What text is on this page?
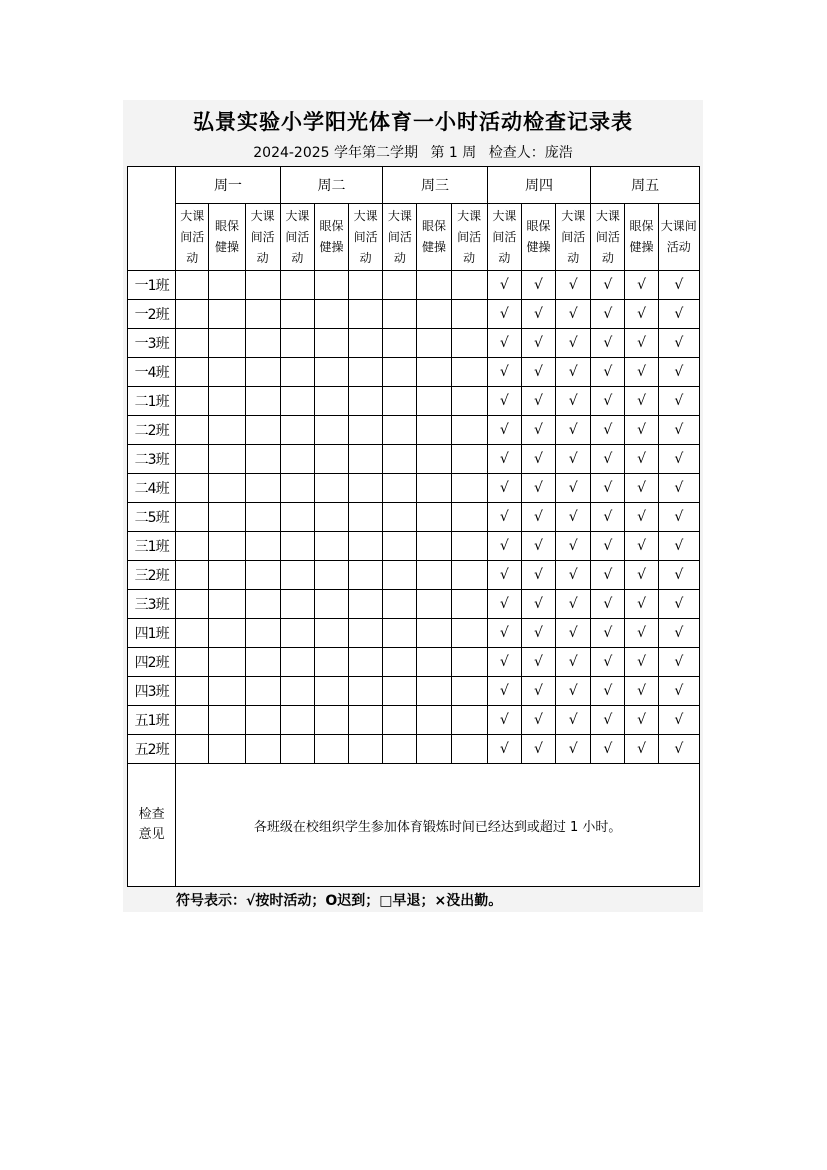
弘景实验小学阳光体育一小时活动检查记录表
2024-2025 学年第二学期 第 1 周 检查人：庞浩
	周一			周二			周三			周四			周五		
	大课间活动	眼保健操	大课间活动	大课间活动	眼保健操	大课间活动	大课间活动	眼保健操	大课间活动	大课间活动	眼保健操	大课间活动	大课间活动	眼保健操	大课间活动
一1班										√	√	√	√	√	√
一2班										√	√	√	√	√	√
一3班										√	√	√	√	√	√
一4班										√	√	√	√	√	√
二1班										√	√	√	√	√	√
二2班										√	√	√	√	√	√
二3班										√	√	√	√	√	√
二4班										√	√	√	√	√	√
二5班										√	√	√	√	√	√
三1班										√	√	√	√	√	√
三2班										√	√	√	√	√	√
三3班										√	√	√	√	√	√
四1班										√	√	√	√	√	√
四2班										√	√	√	√	√	√
四3班										√	√	√	√	√	√
五1班										√	√	√	√	√	√
五2班										√	√	√	√	√	√
检查意见	各班级在校组织学生参加体育锻炼时间已经达到或超过 1 小时。														
符号表示：√按时活动；O迟到；□早退；×没出勤。
